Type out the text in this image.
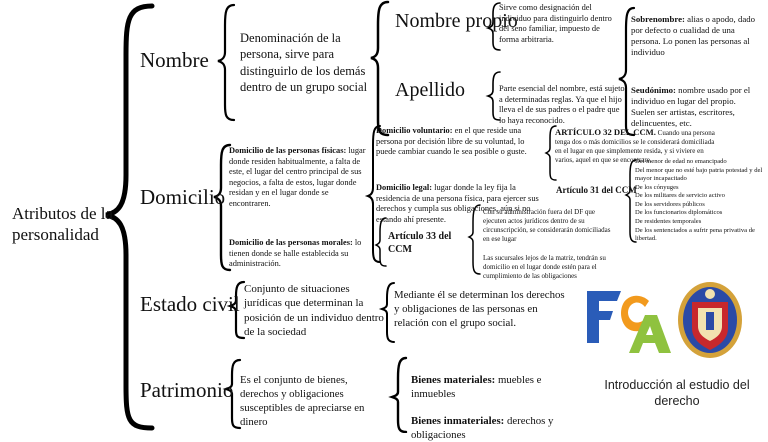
Atributos de la personalidad
Nombre
Denominación de la persona, sirve para distinguirlo de los demás dentro de un grupo social
Nombre propio
Sirve como designación del individuo para distinguirlo dentro del seno familiar, impuesto de forma arbitraria.
Apellido	Parte esencial del nombre, está sujeto a determinadas reglas. Ya que el hijo lleva el de sus padres o el padre que lo haya reconocido.
Sobrenombre: alias o apodo, dado por defecto o cualidad de una persona. Lo ponen las personas al individuo
Seudónimo: nombre usado por el individuo en lugar del propio. Suelen ser artistas, escritores, delincuentes, etc.
Domicilio
Domicilio de las personas físicas: lugar donde residen habitualmente, a falta de este, el lugar del centro principal de sus negocios, a falta de estos, lugar donde residan y en el lugar donde se encontraren.
Domicilio de las personas morales: lo tienen donde se halle establecida su administración.
Domicilio voluntario: en el que reside una persona por decisión libre de su voluntad, lo puede cambiar cuando le sea posible o guste.
Domicilio legal: lugar donde la ley fija la residencia de una persona física, para ejercer sus derechos y cumpla sus obligaciones, aún si no estando ahí presente.
ARTÍCULO 32 DEL CCM. Cuando una persona tenga dos o más domicilios se le considerará domiciliada en el lugar en que simplemente resida, y si viviere en varios, aquel en que se encontrare.
Artículo 31 del CCM
Del menor de edad no emancipado
Del menor que no esté bajo patria potestad y del mayor incapacitado
De los cónyuges
De los militares de servicio activo
De los servidores públicos
De los funcionarios diplomáticos
De residentes temporales
De los sentenciados a sufrir pena privativa de libertad.
Artículo 33 del CCM
Con su administración fuera del DF que ejecuten actos jurídicos dentro de su circunscripción, se considerarán domiciliadas en ese lugar
Las sucursales lejos de la matriz, tendrán su domicilio en el lugar donde estén para el cumplimiento de las obligaciones
Estado civil
Conjunto de situaciones jurídicas que determinan la posición de un individuo dentro de la sociedad
Mediante él se determinan los derechos y obligaciones de las personas en relación con el grupo social.
Patrimonio Es el conjunto de bienes, derechos y obligaciones susceptibles de apreciarse en dinero
Bienes materiales: muebles e inmuebles
Bienes inmateriales: derechos y obligaciones
Introducción al estudio del derecho
